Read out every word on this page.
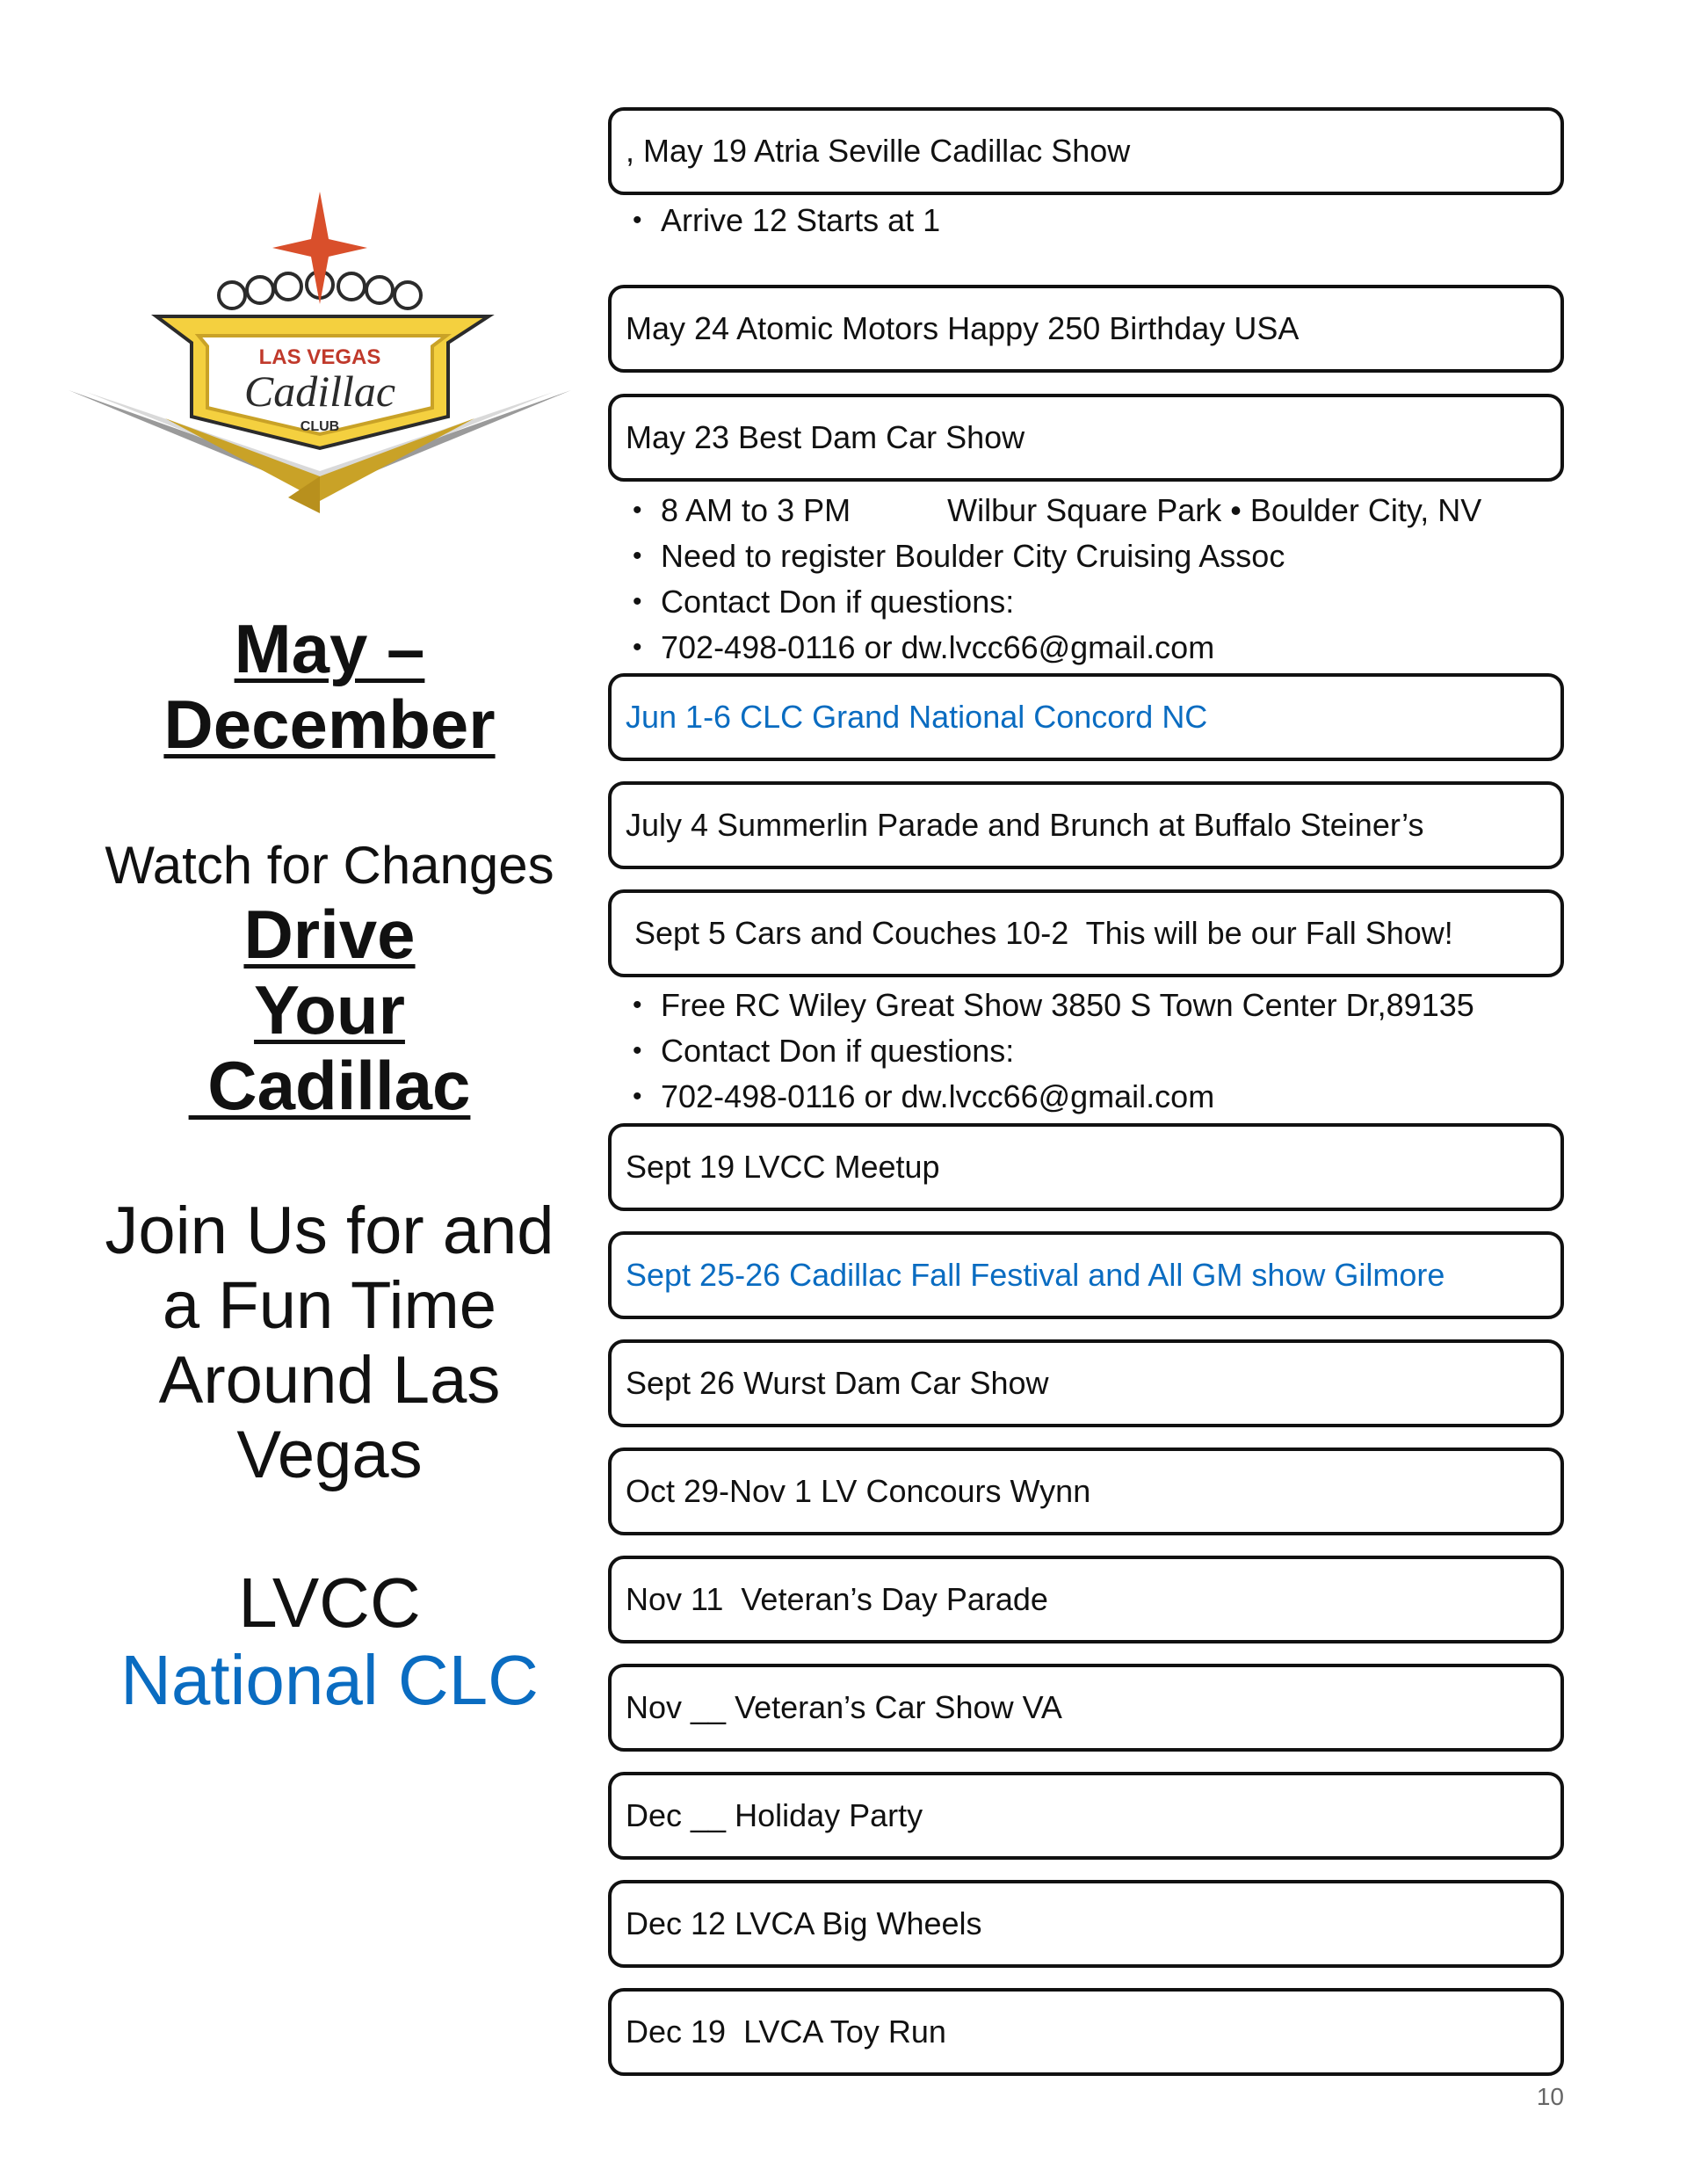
LAS VEGAS
Cadillac
CLUB
May –
December
Watch for Changes
Drive
Your
Cadillac
Join Us for and
a Fun Time
Around Las
Vegas
LVCC
National CLC
, May 19 Atria Seville Cadillac Show
• Arrive 12 Starts at 1
May 24 Atomic Motors Happy 250 Birthday USA
May 23 Best Dam Car Show
• 8 AM to 3 PM           Wilbur Square Park • Boulder City, NV
• Need to register Boulder City Cruising Assoc
• Contact Don if questions:
• 702-498-0116 or dw.lvcc66@gmail.com
Jun 1-6 CLC Grand National Concord NC
July 4 Summerlin Parade and Brunch at Buffalo Steiner’s
Sept 5 Cars and Couches 10-2  This will be our Fall Show!
• Free RC Wiley Great Show 3850 S Town Center Dr,89135
• Contact Don if questions:
• 702-498-0116 or dw.lvcc66@gmail.com
Sept 19 LVCC Meetup
Sept 25-26 Cadillac Fall Festival and All GM show Gilmore
Sept 26 Wurst Dam Car Show
Oct 29-Nov 1 LV Concours Wynn
Nov 11  Veteran’s Day Parade
Nov __ Veteran’s Car Show VA
Dec __ Holiday Party
Dec 12 LVCA Big Wheels
Dec 19  LVCA Toy Run
10
